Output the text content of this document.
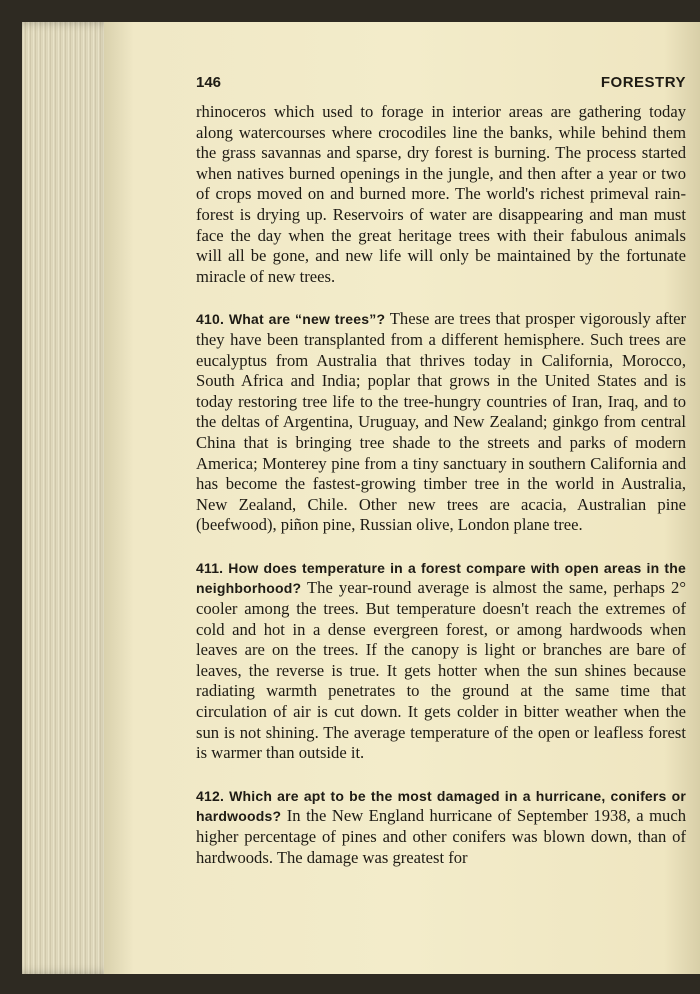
146	FORESTRY

rhinoceros which used to forage in interior areas are gathering today along watercourses where crocodiles line the banks, while behind them the grass savannas and sparse, dry forest is burning. The process started when natives burned openings in the jungle, and then after a year or two of crops moved on and burned more. The world's richest primeval rain-forest is drying up. Reservoirs of water are disappearing and man must face the day when the great heritage trees with their fabulous animals will all be gone, and new life will only be maintained by the fortunate miracle of new trees.

410. What are “new trees”? These are trees that prosper vigorously after they have been transplanted from a different hemisphere. Such trees are eucalyptus from Australia that thrives today in California, Morocco, South Africa and India; poplar that grows in the United States and is today restoring tree life to the tree-hungry countries of Iran, Iraq, and to the deltas of Argentina, Uruguay, and New Zealand; ginkgo from central China that is bringing tree shade to the streets and parks of modern America; Monterey pine from a tiny sanctuary in southern California and has become the fastest-growing timber tree in the world in Australia, New Zealand, Chile. Other new trees are acacia, Australian pine (beefwood), piñon pine, Russian olive, London plane tree.

411. How does temperature in a forest compare with open areas in the neighborhood? The year-round average is almost the same, perhaps 2° cooler among the trees. But temperature doesn't reach the extremes of cold and hot in a dense evergreen forest, or among hardwoods when leaves are on the trees. If the canopy is light or branches are bare of leaves, the reverse is true. It gets hotter when the sun shines because radiating warmth penetrates to the ground at the same time that circulation of air is cut down. It gets colder in bitter weather when the sun is not shining. The average temperature of the open or leafless forest is warmer than outside it.

412. Which are apt to be the most damaged in a hurricane, conifers or hardwoods? In the New England hurricane of September 1938, a much higher percentage of pines and other conifers was blown down, than of hardwoods. The damage was greatest for
